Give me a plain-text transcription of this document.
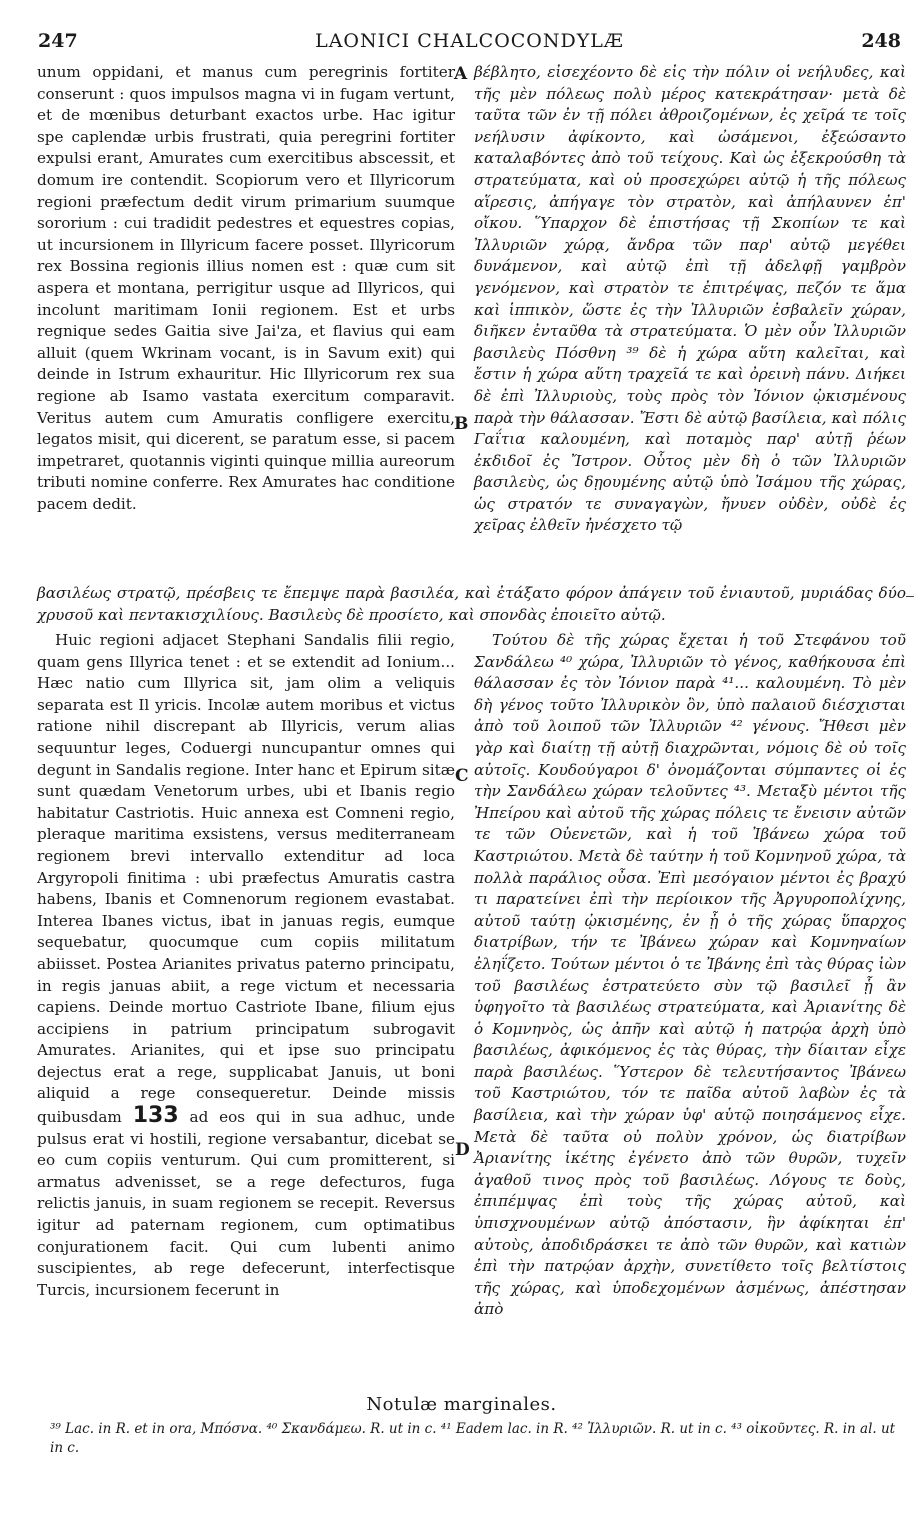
247	LAONICI CHALCOCONDYLÆ	248
A
B
C
D

unum oppidani, et manus cum peregrinis fortiter conserunt : quos impulsos magna vi in fugam vertunt, et de mœnibus deturbant exactos urbe. Hac igitur spe caplendæ urbis frustrati, quia peregrini fortiter expulsi erant, Amurates cum exercitibus abscessit, et domum ire contendit. Scopiorum vero et Illyricorum regioni præfectum dedit virum primarium suumque sororium : cui tradidit pedestres et equestres copias, ut incursionem in Illyricum facere posset. Illyricorum rex Bossina regionis illius nomen est : quæ cum sit aspera et montana, perrigitur usque ad Illyricos, qui incolunt maritimam Ionii regionem. Est et urbs regnique sedes Gaitia sive Jai'za, et flavius qui eam alluit (quem Wkrinam vocant, is in Savum exit) qui deinde in Istrum exhauritur. Hic Illyricorum rex sua regione ab Isamo vastata exercitum comparavit. Veritus autem cum Amuratis confligere exercitu, legatos misit, qui dicerent, se paratum esse, si pacem impetraret, quotannis viginti quinque millia aureorum tributi nomine conferre. Rex Amurates hac conditione pacem dedit.

βέβλητο, εἰσεχέοντο δὲ εἰς τὴν πόλιν οἱ νεήλυδες, καὶ τῆς μὲν πόλεως πολὺ μέρος κατεκράτησαν· μετὰ δὲ ταῦτα τῶν ἐν τῇ πόλει ἀθροιζομένων, ἐς χεῖρά τε τοῖς νεήλυσιν ἀφίκοντο, καὶ ὠσάμενοι, ἐξεώσαντο καταλαβόντες ἀπὸ τοῦ τείχους. Καὶ ὡς ἐξεκρούσθη τὰ στρατεύματα, καὶ οὐ προσεχώρει αὐτῷ ἡ τῆς πόλεως αἵρεσις, ἀπήγαγε τὸν στρατὸν, καὶ ἀπήλαυνεν ἐπ' οἴκου. Ὕπαρχον δὲ ἐπιστήσας τῇ Σκοπίων τε καὶ Ἰλλυριῶν χώρᾳ, ἄνδρα τῶν παρ' αὐτῷ μεγέθει δυνάμενον, καὶ αὐτῷ ἐπὶ τῇ ἀδελφῇ γαμβρὸν γενόμενον, καὶ στρατὸν τε ἐπιτρέψας, πεζόν τε ἅμα καὶ ἱππικὸν, ὥστε ἐς τὴν Ἰλλυριῶν ἐσβαλεῖν χώραν, διῆκεν ἐνταῦθα τὰ στρατεύματα. Ὁ μὲν οὖν Ἰλλυριῶν βασιλεὺς Πόσθνη ³⁹ δὲ ἡ χώρα αὕτη καλεῖται, καὶ ἔστιν ἡ χώρα αὕτη τραχεῖά τε καὶ ὀρεινὴ πάνυ. Διήκει δὲ ἐπὶ Ἰλλυριοὺς, τοὺς πρὸς τὸν Ἰόνιον ᾠκισμένους παρὰ τὴν θάλασσαν. Ἔστι δὲ αὐτῷ βασίλεια, καὶ πόλις Γαΐτια καλουμένη, καὶ ποταμὸς παρ' αὐτῇ ῥέων ἐκδιδοῖ ἐς Ἴστρον. Οὗτος μὲν δὴ ὁ τῶν Ἰλλυριῶν βασιλεὺς, ὡς δῃουμένης αὐτῷ ὑπὸ Ἰσάμου τῆς χώρας, ὡς στρατόν τε συναγαγὼν, ἤνυεν οὐδὲν, οὐδὲ ἐς χεῖρας ἐλθεῖν ἠνέσχετο τῷ

βασιλέως στρατῷ, πρέσβεις τε ἔπεμψε παρὰ βασιλέα, καὶ ἐτάξατο φόρον ἀπάγειν τοῦ ἐνιαυτοῦ, μυριάδας δύο χρυσοῦ καὶ πεντακισχιλίους. Βασιλεὺς δὲ προσίετο, καὶ σπονδὰς ἐποιεῖτο αὐτῷ.

Huic regioni adjacet Stephani Sandalis filii regio, quam gens Illyrica tenet : et se extendit ad Ionium... Hæc natio cum Illyrica sit, jam olim a veliquis separata est Il yricis. Incolæ autem moribus et victus ratione nihil discrepant ab Illyricis, verum alias sequuntur leges, Coduergi nuncupantur omnes qui degunt in Sandalis regione. Inter hanc et Epirum sitæ sunt quædam Venetorum urbes, ubi et Ibanis regio habitatur Castriotis. Huic annexa est Comneni regio, pleraque maritima exsistens, versus mediterraneam regionem brevi intervallo extenditur ad loca Argyropoli finitima : ubi præfectus Amuratis castra habens, Ibanis et Comnenorum regionem evastabat. Interea Ibanes victus, ibat in januas regis, eumque sequebatur, quocumque cum copiis militatum abiisset. Postea Arianites privatus paterno principatu, in regis januas abiit, a rege victum et necessaria capiens. Deinde mortuo Castriote Ibane, filium ejus accipiens in patrium principatum subrogavit Amurates. Arianites, qui et ipse suo principatu dejectus erat a rege, supplicabat Januis, ut boni aliquid a rege consequeretur. Deinde missis quibusdam 133 ad eos qui in sua adhuc, unde pulsus erat vi hostili, regione versabantur, dicebat se eo cum copiis venturum. Qui cum promitterent, si armatus advenisset, se a rege defecturos, fuga relictis januis, in suam regionem se recepit. Reversus igitur ad paternam regionem, cum optimatibus conjurationem facit. Qui cum lubenti animo suscipientes, ab rege defecerunt, interfectisque Turcis, incursionem fecerunt in

Τούτου δὲ τῆς χώρας ἔχεται ἡ τοῦ Στεφάνου τοῦ Σανδάλεω ⁴⁰ χώρα, Ἰλλυριῶν τὸ γένος, καθήκουσα ἐπὶ θάλασσαν ἐς τὸν Ἰόνιον παρὰ ⁴¹... καλουμένη. Τὸ μὲν δὴ γένος τοῦτο Ἰλλυρικὸν ὂν, ὑπὸ παλαιοῦ διέσχισται ἀπὸ τοῦ λοιποῦ τῶν Ἰλλυριῶν ⁴² γένους. Ἤθεσι μὲν γὰρ καὶ διαίτῃ τῇ αὐτῇ διαχρῶνται, νόμοις δὲ οὐ τοῖς αὐτοῖς. Κουδούγαροι δ' ὀνομάζονται σύμπαντες οἱ ἐς τὴν Σανδάλεω χώραν τελοῦντες ⁴³. Μεταξὺ μέντοι τῆς Ἠπείρου καὶ αὐτοῦ τῆς χώρας πόλεις τε ἔνεισιν αὐτῶν τε τῶν Οὐενετῶν, καὶ ἡ τοῦ Ἰβάνεω χώρα τοῦ Καστριώτου. Μετὰ δὲ ταύτην ἡ τοῦ Κομνηνοῦ χώρα, τὰ πολλὰ παράλιος οὖσα. Ἐπὶ μεσόγαιον μέντοι ἐς βραχύ τι παρατείνει ἐπὶ τὴν περίοικον τῆς Ἀργυροπολίχνης, αὐτοῦ ταύτῃ ᾠκισμένης, ἐν ᾗ ὁ τῆς χώρας ὕπαρχος διατρίβων, τήν τε Ἰβάνεω χώραν καὶ Κομνηναίων ἐληΐζετο. Τούτων μέντοι ὁ τε Ἰβάνης ἐπὶ τὰς θύρας ἰὼν τοῦ βασιλέως ἐστρατεύετο σὺν τῷ βασιλεῖ ᾗ ἂν ὑφηγοῖτο τὰ βασιλέως στρατεύματα, καὶ Ἀριανίτης δὲ ὁ Κομνηνὸς, ὡς ἀπῆν καὶ αὐτῷ ἡ πατρῴα ἀρχὴ ὑπὸ βασιλέως, ἀφικόμενος ἐς τὰς θύρας, τὴν δίαιταν εἶχε παρὰ βασιλέως. Ὕστερον δὲ τελευτήσαντος Ἰβάνεω τοῦ Καστριώτου, τόν τε παῖδα αὐτοῦ λαβὼν ἐς τὰ βασίλεια, καὶ τὴν χώραν ὑφ' αὑτῷ ποιησάμενος εἶχε. Μετὰ δὲ ταῦτα οὐ πολὺν χρόνον, ὡς διατρίβων Ἀριανίτης ἱκέτης ἐγένετο ἀπὸ τῶν θυρῶν, τυχεῖν ἀγαθοῦ τινος πρὸς τοῦ βασιλέως. Λόγους τε δοὺς, ἐπιπέμψας ἐπὶ τοὺς τῆς χώρας αὐτοῦ, καὶ ὑπισχνουμένων αὐτῷ ἀπόστασιν, ἣν ἀφίκηται ἐπ' αὐτοὺς, ἀποδιδράσκει τε ἀπὸ τῶν θυρῶν, καὶ κατιὼν ἐπὶ τὴν πατρῴαν ἀρχὴν, συνετίθετο τοῖς βελτίστοις τῆς χώρας, καὶ ὑποδεχομένων ἀσμένως, ἀπέστησαν ἀπὸ

Notulæ marginales.
³⁹ Lac. in R. et in ora, Μπόσνα. ⁴⁰ Σκανδάμεω. R. ut in c. ⁴¹ Eadem lac. in R. ⁴² Ἰλλυριῶν. R. ut in c. ⁴³ οἰκοῦντες. R. in al. ut in c.
